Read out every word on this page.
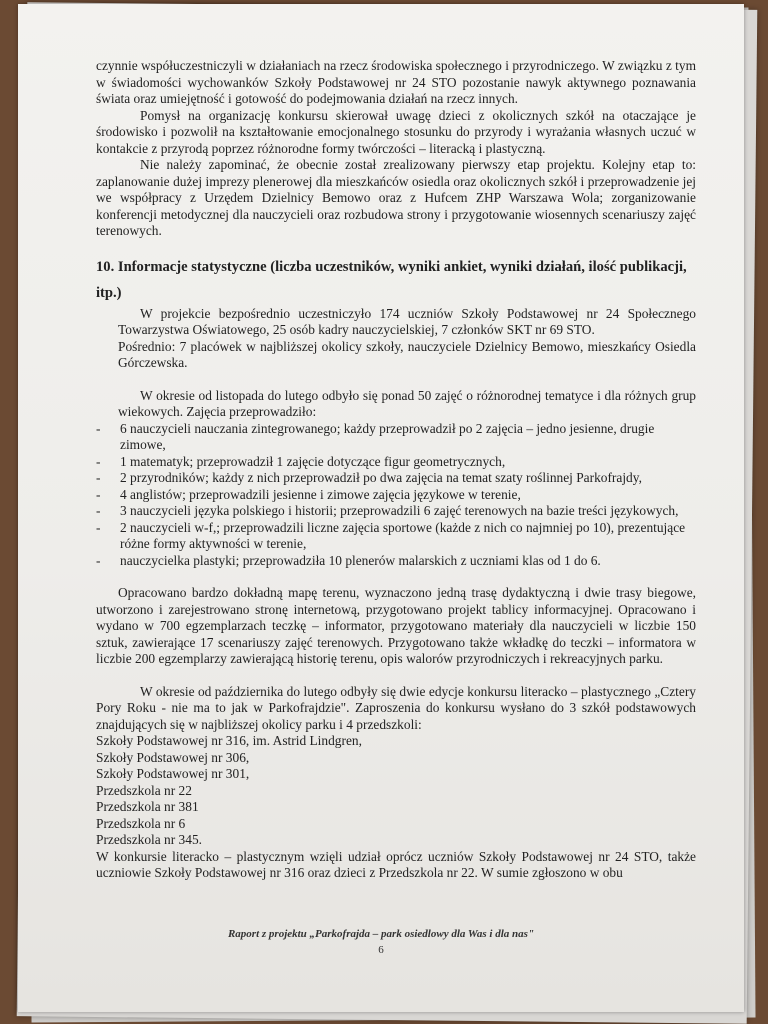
czynnie współuczestniczyli w działaniach na rzecz środowiska społecznego i przyrodniczego. W związku z tym w świadomości wychowanków Szkoły Podstawowej nr 24 STO pozostanie nawyk aktywnego poznawania świata oraz umiejętność i gotowość do podejmowania działań na rzecz innych.

Pomysł na organizację konkursu skierował uwagę dzieci z okolicznych szkół na otaczające je środowisko i pozwolił na kształtowanie emocjonalnego stosunku do przyrody i wyrażania własnych uczuć w kontakcie z przyrodą poprzez różnorodne formy twórczości – literacką i plastyczną.

Nie należy zapominać, że obecnie został zrealizowany pierwszy etap projektu. Kolejny etap to: zaplanowanie dużej imprezy plenerowej dla mieszkańców osiedla oraz okolicznych szkół i przeprowadzenie jej we współpracy z Urzędem Dzielnicy Bemowo oraz z Hufcem ZHP Warszawa Wola; zorganizowanie konferencji metodycznej dla nauczycieli oraz rozbudowa strony i przygotowanie wiosennych scenariuszy zajęć terenowych.

10. Informacje statystyczne (liczba uczestników, wyniki ankiet, wyniki działań, ilość publikacji, itp.)

W projekcie bezpośrednio uczestniczyło 174 uczniów Szkoły Podstawowej nr 24 Społecznego Towarzystwa Oświatowego, 25 osób kadry nauczycielskiej, 7 członków SKT nr 69 STO.

Pośrednio: 7 placówek w najbliższej okolicy szkoły, nauczyciele Dzielnicy Bemowo, mieszkańcy Osiedla Górczewska.

W okresie od listopada do lutego odbyło się ponad 50 zajęć o różnorodnej tematyce i dla różnych grup wiekowych. Zajęcia przeprowadziło:

- 6 nauczycieli nauczania zintegrowanego; każdy przeprowadził po 2 zajęcia – jedno jesienne, drugie zimowe,
- 1 matematyk; przeprowadził 1 zajęcie dotyczące figur geometrycznych,
- 2 przyrodników; każdy z nich przeprowadził po dwa zajęcia na temat szaty roślinnej Parkofrajdy,
- 4 anglistów; przeprowadzili jesienne i zimowe zajęcia językowe w terenie,
- 3 nauczycieli języka polskiego i historii; przeprowadzili 6 zajęć terenowych na bazie treści językowych,
- 2 nauczycieli w-f,; przeprowadzili liczne zajęcia sportowe (każde z nich co najmniej po 10), prezentujące różne formy aktywności w terenie,
- nauczycielka plastyki; przeprowadziła 10 plenerów malarskich z uczniami klas od 1 do 6.

Opracowano bardzo dokładną mapę terenu, wyznaczono jedną trasę dydaktyczną i dwie trasy biegowe, utworzono i zarejestrowano stronę internetową, przygotowano projekt tablicy informacyjnej. Opracowano i wydano w 700 egzemplarzach teczkę – informator, przygotowano materiały dla nauczycieli w liczbie 150 sztuk, zawierające 17 scenariuszy zajęć terenowych. Przygotowano także wkładkę do teczki – informatora w liczbie 200 egzemplarzy zawierającą historię terenu, opis walorów przyrodniczych i rekreacyjnych parku.

W okresie od października do lutego odbyły się dwie edycje konkursu literacko – plastycznego „Cztery Pory Roku - nie ma to jak w Parkofrajdzie". Zaproszenia do konkursu wysłano do 3 szkół podstawowych znajdujących się w najbliższej okolicy parku i 4 przedszkoli:

Szkoły Podstawowej nr 316, im. Astrid Lindgren,

Szkoły Podstawowej nr 306,

Szkoły Podstawowej nr 301,

Przedszkola nr 22

Przedszkola nr 381

Przedszkola nr 6

Przedszkola nr 345.

W konkursie literacko – plastycznym wzięli udział oprócz uczniów Szkoły Podstawowej nr 24 STO, także uczniowie Szkoły Podstawowej nr 316 oraz dzieci z Przedszkola nr 22. W sumie zgłoszono w obu

Raport z projektu „Parkofrajda – park osiedlowy dla Was i dla nas"
6
